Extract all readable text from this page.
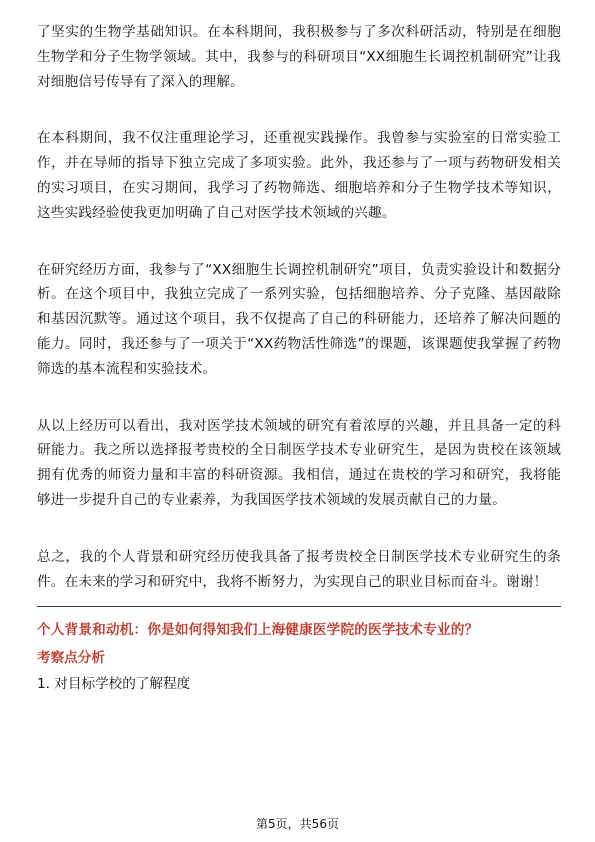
了坚实的生物学基础知识。在本科期间，我积极参与了多次科研活动，特别是在细胞生物学和分子生物学领域。其中，我参与的科研项目“XX细胞生长调控机制研究”让我对细胞信号传导有了深入的理解。

在本科期间，我不仅注重理论学习，还重视实践操作。我曾参与实验室的日常实验工作，并在导师的指导下独立完成了多项实验。此外，我还参与了一项与药物研发相关的实习项目，在实习期间，我学习了药物筛选、细胞培养和分子生物学技术等知识，这些实践经验使我更加明确了自己对医学技术领域的兴趣。

在研究经历方面，我参与了“XX细胞生长调控机制研究”项目，负责实验设计和数据分析。在这个项目中，我独立完成了一系列实验，包括细胞培养、分子克隆、基因敲除和基因沉默等。通过这个项目，我不仅提高了自己的科研能力，还培养了解决问题的能力。同时，我还参与了一项关于“XX药物活性筛选”的课题，该课题使我掌握了药物筛选的基本流程和实验技术。

从以上经历可以看出，我对医学技术领域的研究有着浓厚的兴趣，并且具备一定的科研能力。我之所以选择报考贵校的全日制医学技术专业研究生，是因为贵校在该领域拥有优秀的师资力量和丰富的科研资源。我相信，通过在贵校的学习和研究，我将能够进一步提升自己的专业素养，为我国医学技术领域的发展贡献自己的力量。

总之，我的个人背景和研究经历使我具备了报考贵校全日制医学技术专业研究生的条件。在未来的学习和研究中，我将不断努力，为实现自己的职业目标而奋斗。谢谢！

个人背景和动机：你是如何得知我们上海健康医学院的医学技术专业的？
考察点分析
1. 对目标学校的了解程度
第5页，共56页
